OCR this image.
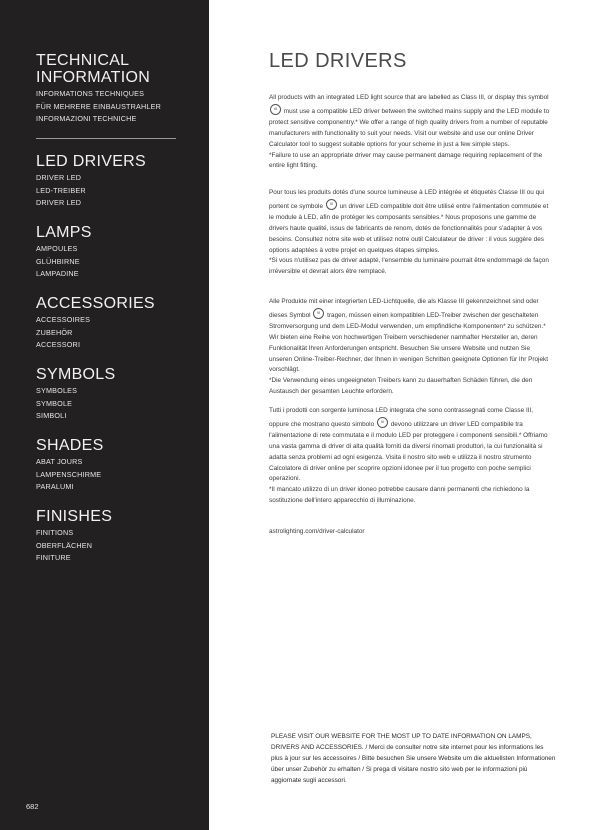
TECHNICAL
INFORMATION
INFORMATIONS TECHNIQUES
FÜR MEHRERE EINBAUSTRAHLER
INFORMAZIONI TECHNICHE
LED DRIVERS
DRIVER LED
LED-TREIBER
DRIVER LED
LAMPS
AMPOULES
GLÜHBIRNE
LAMPADINE
ACCESSORIES
ACCESSOIRES
ZUBEHÖR
ACCESSORI
SYMBOLS
SYMBOLES
SYMBOLE
SIMBOLI
SHADES
ABAT JOURS
LAMPENSCHIRME
PARALUMI
FINISHES
FINITIONS
OBERFLÄCHEN
FINITURE
682
LED DRIVERS

All products with an integrated LED light source that are labelled as Class III, or display this symbol III must use a compatible LED driver between the switched mains supply and the LED module to protect sensitive componentry.* We offer a range of high quality drivers from a number of reputable manufacturers with functionality to suit your needs. Visit our website and use our online Driver Calculator tool to suggest suitable options for your scheme in just a few simple steps.

*Failure to use an appropriate driver may cause permanent damage requiring replacement of the entire light fitting.

Pour tous les produits dotés d'une source lumineuse à LED intégrée et étiquetés Classe III ou qui portent ce symbole III	un driver LED compatible doit être utilisé entre l'alimentation commutée et le module à LED, afin de protéger les composants sensibles.* Nous proposons une gamme de drivers haute qualité, issus de fabricants de renom, dotés de fonctionnalités pour s'adapter à vos besoins. Consultez notre site web et utilisez notre outil Calculateur de driver : il vous suggère des options adaptées à votre projet en quelques étapes simples.

*Si vous n'utilisez pas de driver adapté, l'ensemble du luminaire pourrait être endommagé de façon irréversible et devrait alors être remplacé.

Alle Produkte mit einer integrierten LED-Lichtquelle, die als Klasse III gekennzeichnet sind oder dieses Symbol III	tragen, müssen einen kompatiblen LED-Treiber zwischen der geschalteten Stromversorgung und dem LED-Modul verwenden, um empfindliche Komponenten* zu schützen.* Wir bieten eine Reihe von hochwertigen Treibern verschiedener namhafter Hersteller an, deren Funktionalität Ihren Anforderungen entspricht. Besuchen Sie unsere Website und nutzen Sie unseren Online-Treiber-Rechner, der Ihnen in wenigen Schritten geeignete Optionen für Ihr Projekt vorschlägt.

*Die Verwendung eines ungeeigneten Treibers kann zu dauerhaften Schäden führen, die den Austausch der gesamten Leuchte erfordern.

Tutti i prodotti con sorgente luminosa LED integrata che sono contrassegnati come Classe III, oppure che mostrano questo simbolo III	devono utilizzare un driver LED compatibile tra l'alimentazione di rete commutata e il modulo LED per proteggere i componenti sensibili.* Offriamo una vasta gamma di driver di alta qualità forniti da diversi rinomati produttori, la cui funzionalità si adatta senza problemi ad ogni esigenza. Visita il nostro sito web e utilizza il nostro strumento Calcolatore di driver online per scoprire opzioni idonee per il tuo progetto con poche semplici operazioni.

*Il mancato utilizzo di un driver idoneo potrebbe causare danni permanenti che richiedono la sostituzione dell'intero apparecchio di illuminazione.

astrolighting.com/driver-calculator
PLEASE VISIT OUR WEBSITE FOR THE MOST UP TO DATE INFORMATION ON LAMPS, DRIVERS AND ACCESSORIES. / Merci de consulter notre site internet pour les informations les plus à jour sur les accessoires / Bitte besuchen Sie unsere Website um die aktuellsten Informationen über unser Zubehör zu erhalten / Si prega di visitare nostro sito web per le informazioni più aggiornate sugli accessori.
